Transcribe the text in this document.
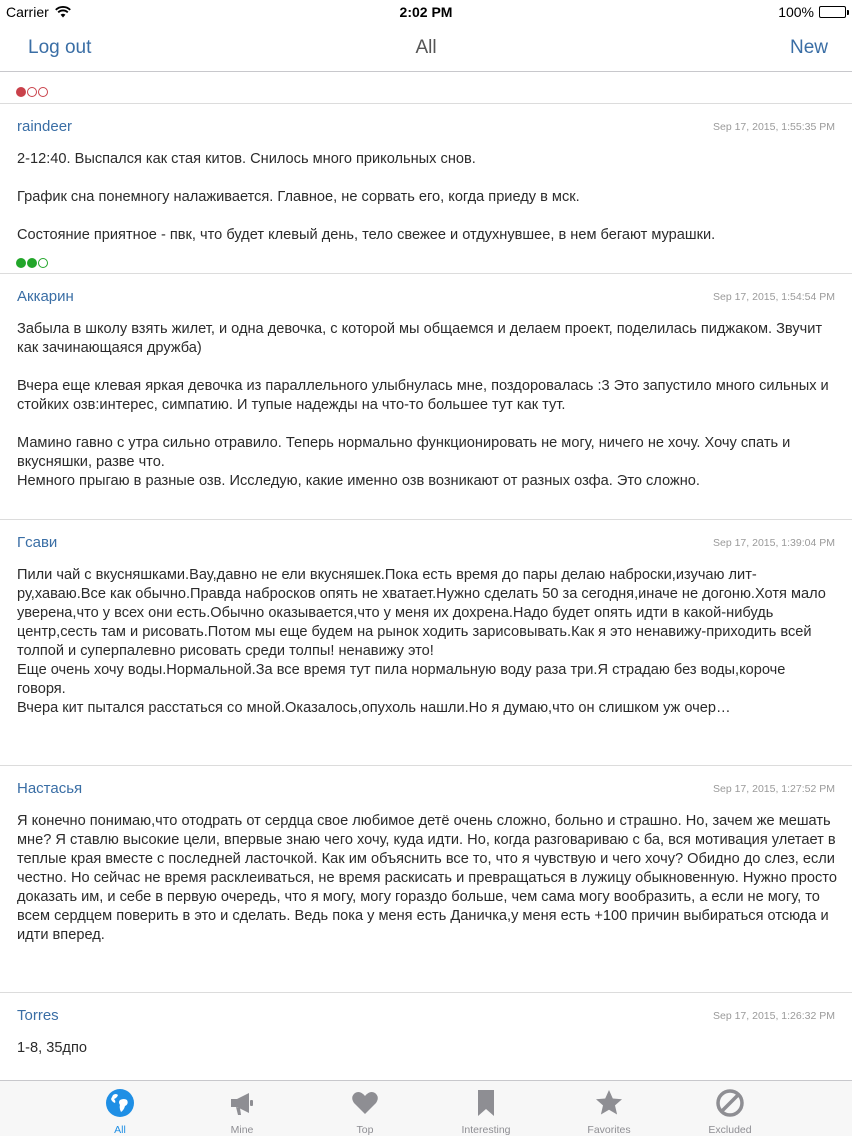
Carrier	2:02 PM	100%
Log out	All	New
raindeer	Sep 17, 2015, 1:55:35 PM
2-12:40. Выспался как стая китов. Снилось много прикольных снов.

График сна понемногу налаживается. Главное, не сорвать его, когда приеду в мск.

Состояние приятное - пвк, что будет клевый день, тело свежее и отдухнувшее, в нем бегают мурашки.
Аккарин	Sep 17, 2015, 1:54:54 PM
Забыла в школу взять жилет, и одна девочка, с которой мы общаемся и делаем проект, поделилась пиджаком. Звучит как зачинающаяся дружба)

Вчера еще клевая яркая девочка из параллельного улыбнулась мне, поздоровалась :3 Это запустило много сильных и стойких озв:интерес, симпатию. И тупые надежды на что-то большее тут как тут.

Мамино гавно с утра сильно отравило. Теперь нормально функционировать не могу, ничего не хочу. Хочу спать и вкусняшки, разве что.
Немного прыгаю в разные озв. Исследую, какие именно озв возникают от разных озфа. Это сложно.
Гсави	Sep 17, 2015, 1:39:04 PM
Пили чай с вкусняшками.Вау,давно не ели вкусняшек.Пока есть время до пары делаю наброски,изучаю лит-ру,хаваю.Все как обычно.Правда набросков опять не хватает.Нужно сделать 50 за сегодня,иначе не догоню.Хотя мало уверена,что у всех они есть.Обычно оказывается,что у меня их дохрена.Надо будет опять идти в какой-нибудь центр,сесть там и рисовать.Потом мы еще будем на рынок ходить зарисовывать.Как я это ненавижу-приходить всей толпой и суперпалевно рисовать среди толпы! ненавижу это!
Еще очень хочу воды.Нормальной.За все время тут пила нормальную воду раза три.Я страдаю без воды,короче говоря.
Вчера кит пытался расстаться со мной.Оказалось,опухоль нашли.Но я думаю,что он слишком уж очер…
Настасья	Sep 17, 2015, 1:27:52 PM
Я конечно понимаю,что отодрать от сердца свое любимое детё очень сложно, больно и страшно. Но, зачем же мешать мне? Я ставлю высокие цели, впервые знаю чего хочу, куда идти. Но, когда разговариваю с ба, вся мотивация улетает в теплые края вместе с последней ласточкой. Как им объяснить все то, что я чувствую и чего хочу? Обидно до слез, если честно. Но сейчас не время расклеиваться, не время раскисать и превращаться в лужицу обыкновенную. Нужно просто доказать им, и себе в первую очередь, что я могу, могу гораздо больше, чем сама могу вообразить, а если не могу, то всем сердцем поверить в это и сделать. Ведь пока у меня есть Даничка,у меня есть +100 причин выбираться отсюда и идти вперед.
Torres	Sep 17, 2015, 1:26:32 PM
1-8, 35дпо
All	Mine	Top	Interesting	Favorites	Excluded
